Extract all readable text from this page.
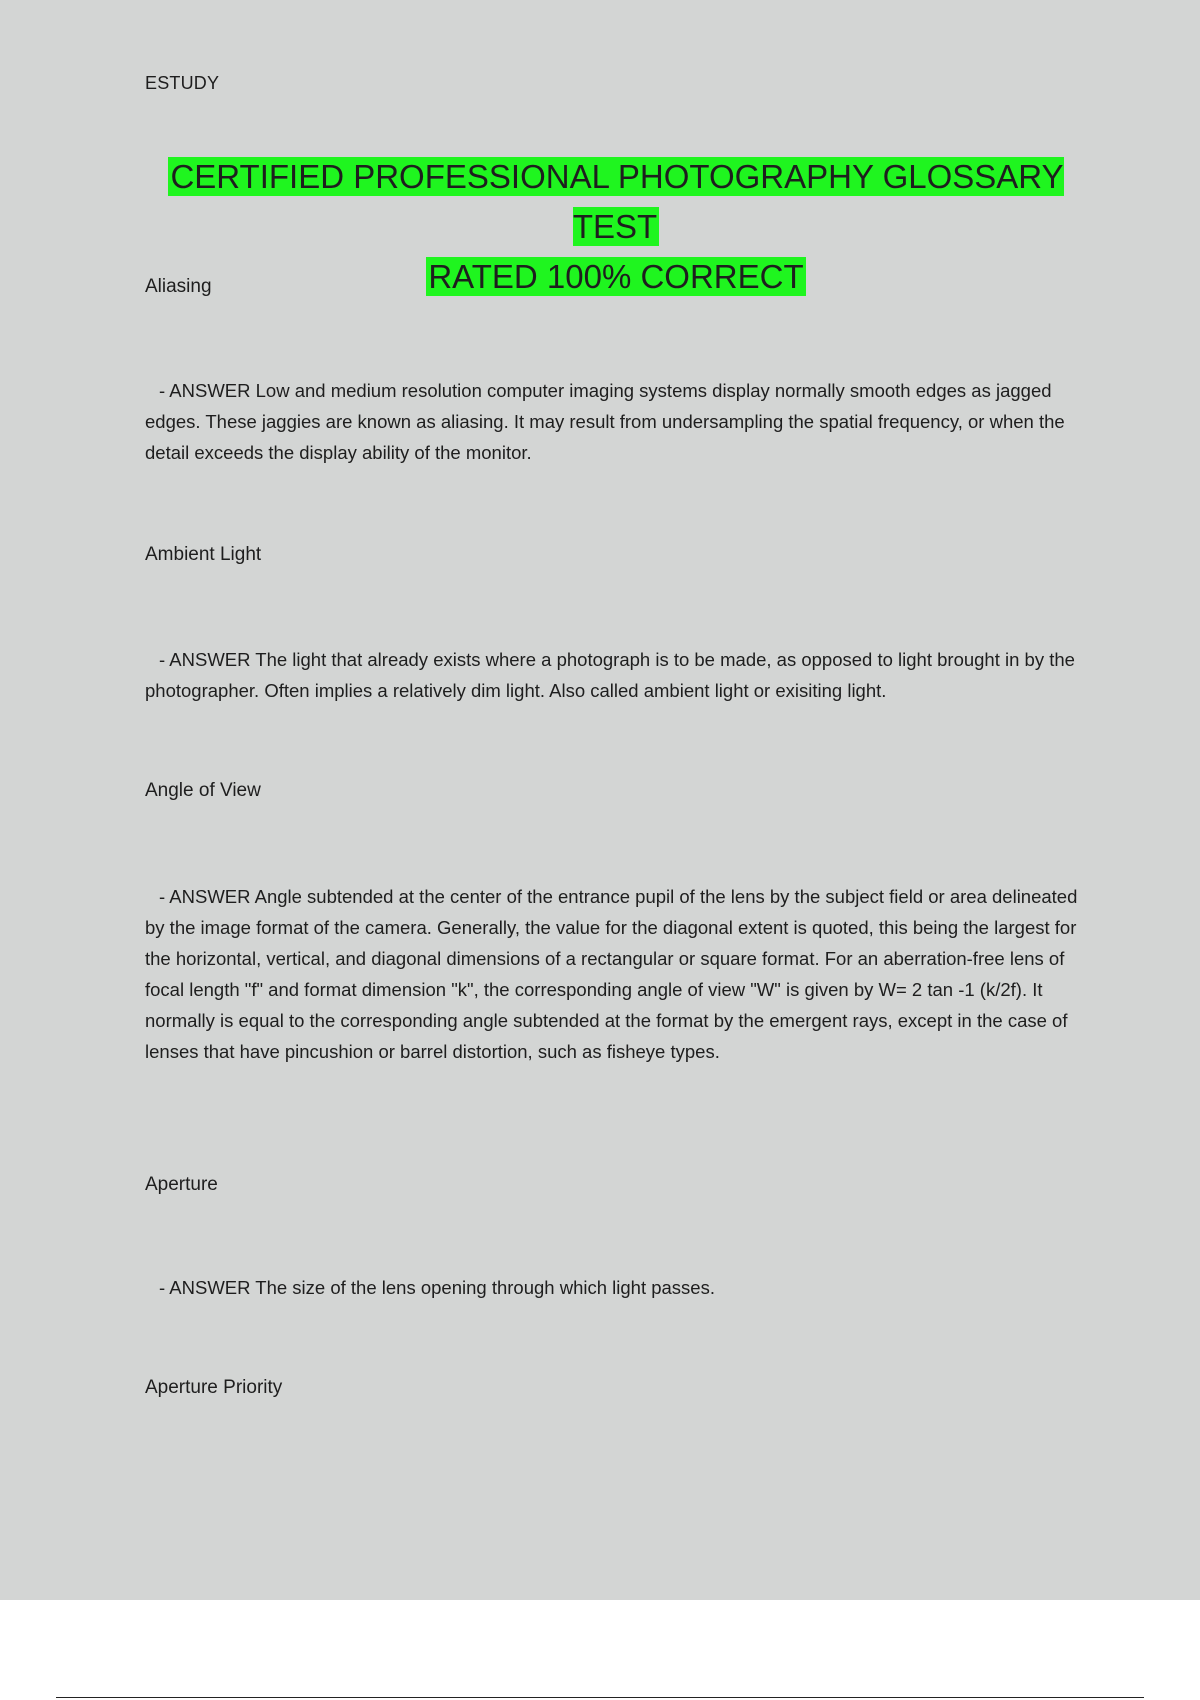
ESTUDY
CERTIFIED PROFESSIONAL PHOTOGRAPHY GLOSSARY TEST
RATED 100% CORRECT
Aliasing
- ANSWER Low and medium resolution computer imaging systems display normally smooth edges as jagged edges. These jaggies are known as aliasing. It may result from undersampling the spatial frequency, or when the detail exceeds the display ability of the monitor.
Ambient Light
- ANSWER The light that already exists where a photograph is to be made, as opposed to light brought in by the photographer. Often implies a relatively dim light. Also called ambient light or exisiting light.
Angle of View
- ANSWER Angle subtended at the center of the entrance pupil of the lens by the subject field or area delineated by the image format of the camera. Generally, the value for the diagonal extent is quoted, this being the largest for the horizontal, vertical, and diagonal dimensions of a rectangular or square format. For an aberration-free lens of focal length "f" and format dimension "k", the corresponding angle of view "W" is given by W= 2 tan -1 (k/2f). It normally is equal to the corresponding angle subtended at the format by the emergent rays, except in the case of lenses that have pincushion or barrel distortion, such as fisheye types.
Aperture
- ANSWER The size of the lens opening through which light passes.
Aperture Priority
